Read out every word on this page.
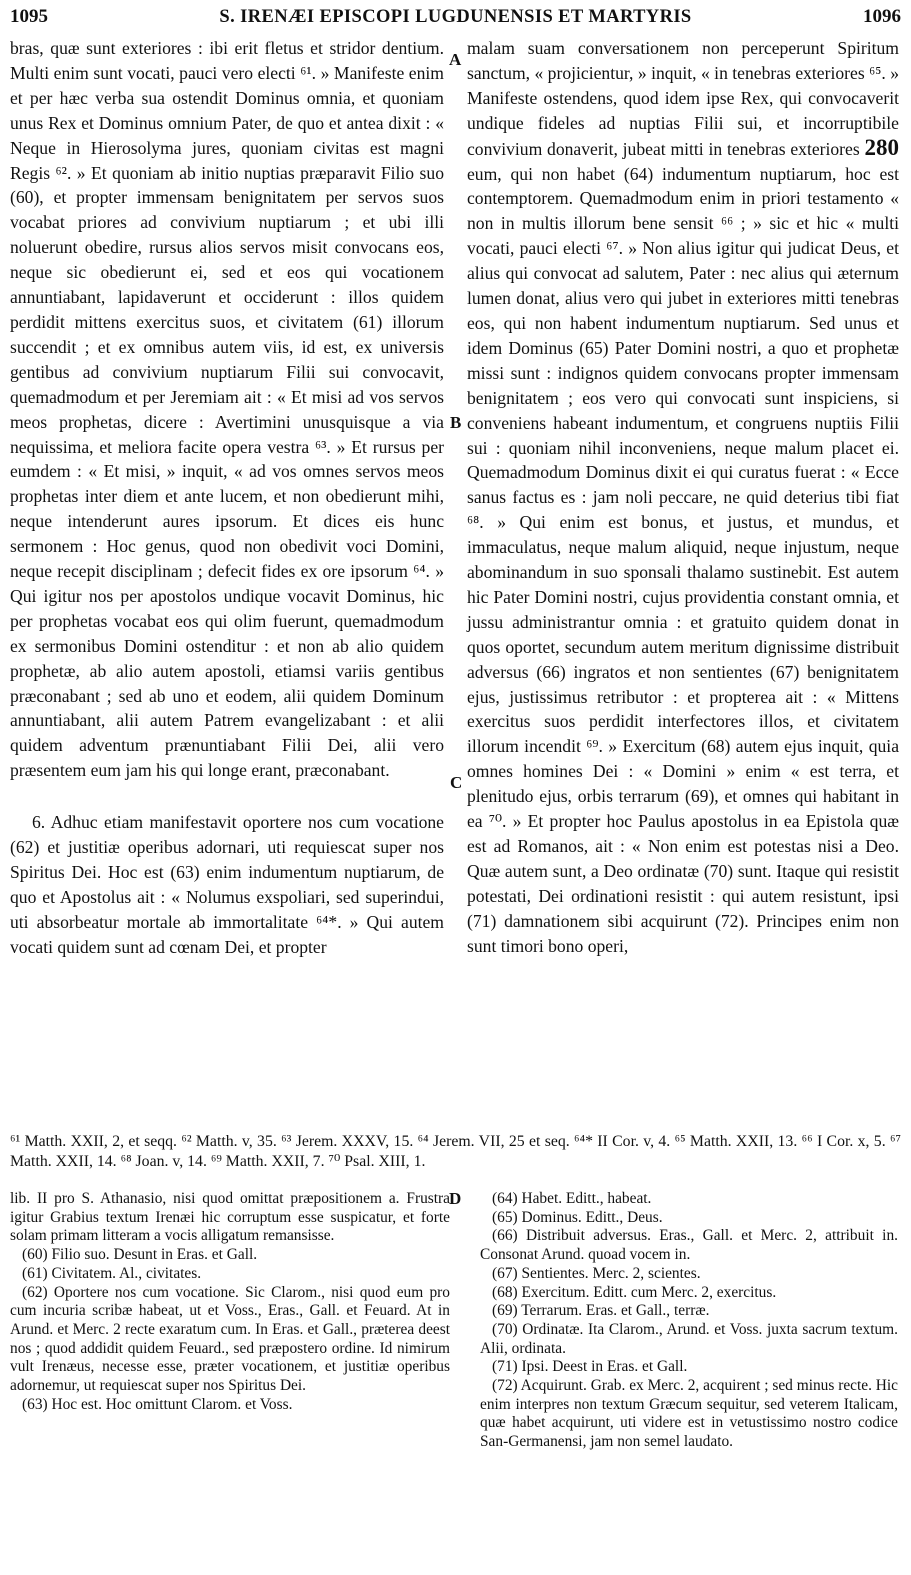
1095	S. IRENÆI EPISCOPI LUGDUNENSIS ET MARTYRIS	1096

bras, quæ sunt exteriores : ibi erit fletus et stridor dentium. Multi enim sunt vocati, pauci vero electi ⁶¹. » Manifeste enim et per hæc verba sua ostendit Dominus omnia, et quoniam unus Rex et Dominus omnium Pater, de quo et antea dixit : « Neque in Hierosolyma jures, quoniam civitas est magni Regis ⁶². » Et quoniam ab initio nuptias præparavit Filio suo (60), et propter immensam benignitatem per servos suos vocabat priores ad convivium nuptiarum ; et ubi illi noluerunt obedire, rursus alios servos misit convocans eos, neque sic obedierunt ei, sed et eos qui vocationem annuntiabant, lapidaverunt et occiderunt : illos quidem perdidit mittens exercitus suos, et civitatem (61) illorum succendit ; et ex omnibus autem viis, id est, ex universis gentibus ad convivium nuptiarum Filii sui convocavit, quemadmodum et per Jeremiam ait : « Et misi ad vos servos meos prophetas, dicere : Avertimini unusquisque a via nequissima, et meliora facite opera vestra ⁶³. » Et rursus per eumdem : « Et misi, » inquit, « ad vos omnes servos meos prophetas inter diem et ante lucem, et non obedierunt mihi, neque intenderunt aures ipsorum. Et dices eis hunc sermonem : Hoc genus, quod non obedivit voci Domini, neque recepit disciplinam ; defecit fides ex ore ipsorum ⁶⁴. » Qui igitur nos per apostolos undique vocavit Dominus, hic per prophetas vocabat eos qui olim fuerunt, quemadmodum ex sermonibus Domini ostenditur : et non ab alio quidem prophetæ, ab alio autem apostoli, etiamsi variis gentibus præconabant ; sed ab uno et eodem, alii quidem Dominum annuntiabant, alii autem Patrem evangelizabant : et alii quidem adventum prænuntiabant Filii Dei, alii vero præsentem eum jam his qui longe erant, præconabant.

6. Adhuc etiam manifestavit oportere nos cum vocatione (62) et justitiæ operibus adornari, uti requiescat super nos Spiritus Dei. Hoc est (63) enim indumentum nuptiarum, de quo et Apostolus ait : « Nolumus exspoliari, sed superindui, uti absorbeatur mortale ab immortalitate ⁶⁴*. » Qui autem vocati quidem sunt ad cœnam Dei, et propter

malam suam conversationem non perceperunt Spiritum sanctum, « projicientur, » inquit, « in tenebras exteriores ⁶⁵. » Manifeste ostendens, quod idem ipse Rex, qui convocaverit undique fideles ad nuptias Filii sui, et incorruptibile convivium donaverit, jubeat mitti in tenebras exteriores 280 eum, qui non habet (64) indumentum nuptiarum, hoc est contemptorem. Quemadmodum enim in priori testamento « non in multis illorum bene sensit ⁶⁶ ; » sic et hic « multi vocati, pauci electi ⁶⁷. » Non alius igitur qui judicat Deus, et alius qui convocat ad salutem, Pater : nec alius qui æternum lumen donat, alius vero qui jubet in exteriores mitti tenebras eos, qui non habent indumentum nuptiarum. Sed unus et idem Dominus (65) Pater Domini nostri, a quo et prophetæ missi sunt : indignos quidem convocans propter immensam benignitatem ; eos vero qui convocati sunt inspiciens, si conveniens habeant indumentum, et congruens nuptiis Filii sui : quoniam nihil inconveniens, neque malum placet ei. Quemadmodum Dominus dixit ei qui curatus fuerat : « Ecce sanus factus es : jam noli peccare, ne quid deterius tibi fiat ⁶⁸. » Qui enim est bonus, et justus, et mundus, et immaculatus, neque malum aliquid, neque injustum, neque abominandum in suo sponsali thalamo sustinebit. Est autem hic Pater Domini nostri, cujus providentia constant omnia, et jussu administrantur omnia : et gratuito quidem donat in quos oportet, secundum autem meritum dignissime distribuit adversus (66) ingratos et non sentientes (67) benignitatem ejus, justissimus retributor : et propterea ait : « Mittens exercitus suos perdidit interfectores illos, et civitatem illorum incendit ⁶⁹. » Exercitum (68) autem ejus inquit, quia omnes homines Dei : « Domini » enim « est terra, et plenitudo ejus, orbis terrarum (69), et omnes qui habitant in ea ⁷⁰. » Et propter hoc Paulus apostolus in ea Epistola quæ est ad Romanos, ait : « Non enim est potestas nisi a Deo. Quæ autem sunt, a Deo ordinatæ (70) sunt. Itaque qui resistit potestati, Dei ordinationi resistit : qui autem resistunt, ipsi (71) damnationem sibi acquirunt (72). Principes enim non sunt timori bono operi,

A
B
C
D
⁶¹ Matth. XXII, 2, et seqq. ⁶² Matth. v, 35. ⁶³ Jerem. XXXV, 15. ⁶⁴ Jerem. VII, 25 et seq. ⁶⁴* II Cor. v, 4. ⁶⁵ Matth. XXII, 13. ⁶⁶ I Cor. x, 5. ⁶⁷ Matth. XXII, 14. ⁶⁸ Joan. v, 14. ⁶⁹ Matth. XXII, 7. ⁷⁰ Psal. XIII, 1.

lib. II pro S. Athanasio, nisi quod omittat præpositionem a. Frustra igitur Grabius textum Irenæi hic corruptum esse suspicatur, et forte solam primam litteram a vocis alligatum remansisse.

(60) Filio suo. Desunt in Eras. et Gall.

(61) Civitatem. Al., civitates.

(62) Oportere nos cum vocatione. Sic Clarom., nisi quod eum pro cum incuria scribæ habeat, ut et Voss., Eras., Gall. et Feuard. At in Arund. et Merc. 2 recte exaratum cum. In Eras. et Gall., præterea deest nos ; quod addidit quidem Feuard., sed præpostero ordine. Id nimirum vult Irenæus, necesse esse, præter vocationem, et justitiæ operibus adornemur, ut requiescat super nos Spiritus Dei.

(63) Hoc est. Hoc omittunt Clarom. et Voss.

(64) Habet. Editt., habeat.

(65) Dominus. Editt., Deus.

(66) Distribuit adversus. Eras., Gall. et Merc. 2, attribuit in. Consonat Arund. quoad vocem in.

(67) Sentientes. Merc. 2, scientes.

(68) Exercitum. Editt. cum Merc. 2, exercitus.

(69) Terrarum. Eras. et Gall., terræ.

(70) Ordinatæ. Ita Clarom., Arund. et Voss. juxta sacrum textum. Alii, ordinata.

(71) Ipsi. Deest in Eras. et Gall.

(72) Acquirunt. Grab. ex Merc. 2, acquirent ; sed minus recte. Hic enim interpres non textum Græcum sequitur, sed veterem Italicam, quæ habet acquirunt, uti videre est in vetustissimo nostro codice San-Germanensi, jam non semel laudato.
